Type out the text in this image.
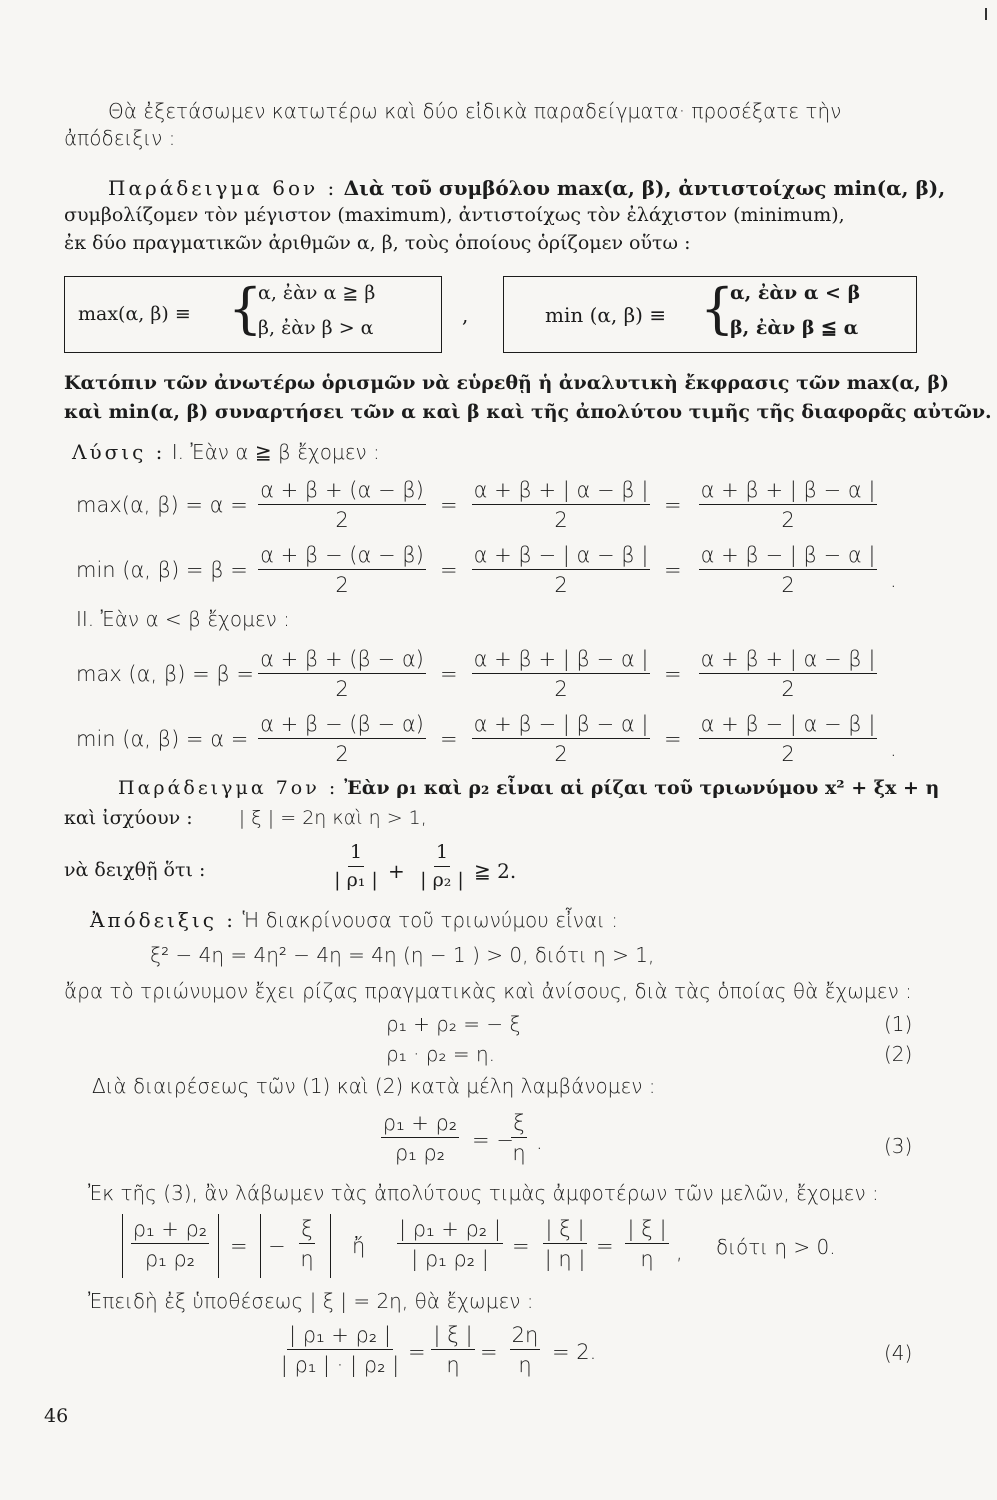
Θὰ ἐξετάσωμεν κατωτέρω καὶ δύο εἰδικὰ παραδείγματα· προσέξατε τὴν
ἀπόδειξιν :
Παράδειγμα 6ον : Διὰ τοῦ συμβόλου max(α, β), ἀντιστοίχως min(α, β),
συμβολίζομεν τὸν μέγιστον (maximum), ἀντιστοίχως τὸν ἐλάχιστον (minimum),
ἐκ δύο πραγματικῶν ἀριθμῶν α, β, τοὺς ὁποίους ὁρίζομεν οὕτω :
max(α, β) ≡ {
α, ἐὰν α ≧ β
β, ἐὰν β > α
,	min (α, β) ≡ {
α, ἐὰν α < β
β, ἐὰν β ≦ α
Κατόπιν τῶν ἀνωτέρω ὁρισμῶν νὰ εὑρεθῇ ἡ ἀναλυτικὴ ἔκφρασις τῶν max(α, β)
καὶ min(α, β) συναρτήσει τῶν α καὶ β καὶ τῆς ἀπολύτου τιμῆς τῆς διαφορᾶς αὐτῶν.
Λύσις : Ι. Ἐὰν α ≧ β ἔχομεν :
max(α, $\beta) = \alpha = \frac{\alpha + \beta + (\alpha - \beta)}{2} = \frac{\alpha + \beta + | \alpha - \beta |}{2} = \frac{\alpha + \beta + | \beta - \alpha |}{2}$
min (α, $\beta) = \beta = \frac{\alpha + \beta - (\alpha - \beta)}{2} = \frac{\alpha + \beta - | \alpha - \beta |}{2} = \frac{\alpha + \beta - | \beta - \alpha |}{2}$ .
ΙΙ. Ἐὰν α < β ἔχομεν :
max (α, β) = β =
$\frac{\alpha + \beta + (\beta - \alpha)}{2} = \frac{\alpha + \beta + | \beta - \alpha |}{2} = \frac{\alpha + \beta + | \alpha - \beta |}{2}$
min (α, $\beta) = \alpha = \frac{\alpha + \beta - (\beta - \alpha)}{2} = \frac{\alpha + \beta - | \beta - \alpha |}{2} = \frac{\alpha + \beta - | \alpha - \beta |}{2}$ .
Παράδειγμα 7ον : Ἐὰν ρ₁ καὶ ρ₂ εἶναι αἱ ρίζαι τοῦ τριωνύμου x² + ξx + η
καὶ ἰσχύουν : | ξ | = 2η καὶ η > 1,
νὰ δειχθῇ ὅτι :	$\frac{1}{\text{| ρ₁ |}} + \frac{1}{\text{| ρ₂ |}}$ ≧ 2.
Ἀπόδειξις : Ἡ διακρίνουσα τοῦ τριωνύμου εἶναι :
ξ² − 4η = 4η² − 4η = 4η (η − 1 ) > 0, διότι η > 1,
ἄρα τὸ τριώνυμον ἔχει ρίζας πραγματικὰς καὶ ἀνίσους, διὰ τὰς ὁποίας θὰ ἔχωμεν :
ρ₁ + ρ₂ = − ξ	(1)
ρ₁ · ρ₂ = η.	(2)
Διὰ διαιρέσεως τῶν (1) καὶ (2) κατὰ μέλη λαμβάνομεν :
$\frac{\text{ρ₁ + ρ₂}}{\text{ρ₁ ρ₂}}$ = −
$\frac{\xi}{\eta}$ .	(3)
Ἐκ τῆς (3), ἂν λάβωμεν τὰς ἀπολύτους τιμὰς ἀμφοτέρων τῶν μελῶν, ἔχομεν :
$\frac{\text{ρ₁ + ρ₂}}{\text{ρ₁ ρ₂}}$ = − $\frac{\xi}{\eta}$ ἤ $\frac{\text{| ρ₁ + ρ₂ |}}{\text{| ρ₁ ρ₂ |}} = \frac{| \xi |}{| \eta |} = \frac{| \xi |}{\eta}$ , διότι η > 0.
Ἐπειδὴ ἐξ ὑποθέσεως | ξ | = 2η, θὰ ἔχωμεν :
$\frac{\text{| ρ₁ + ρ₂ |}}{\text{| ρ₁ | · | ρ₂ |}} = \frac{| \xi |}{\eta} = \frac{2\eta}{\eta} = 2$.	(4)
46
